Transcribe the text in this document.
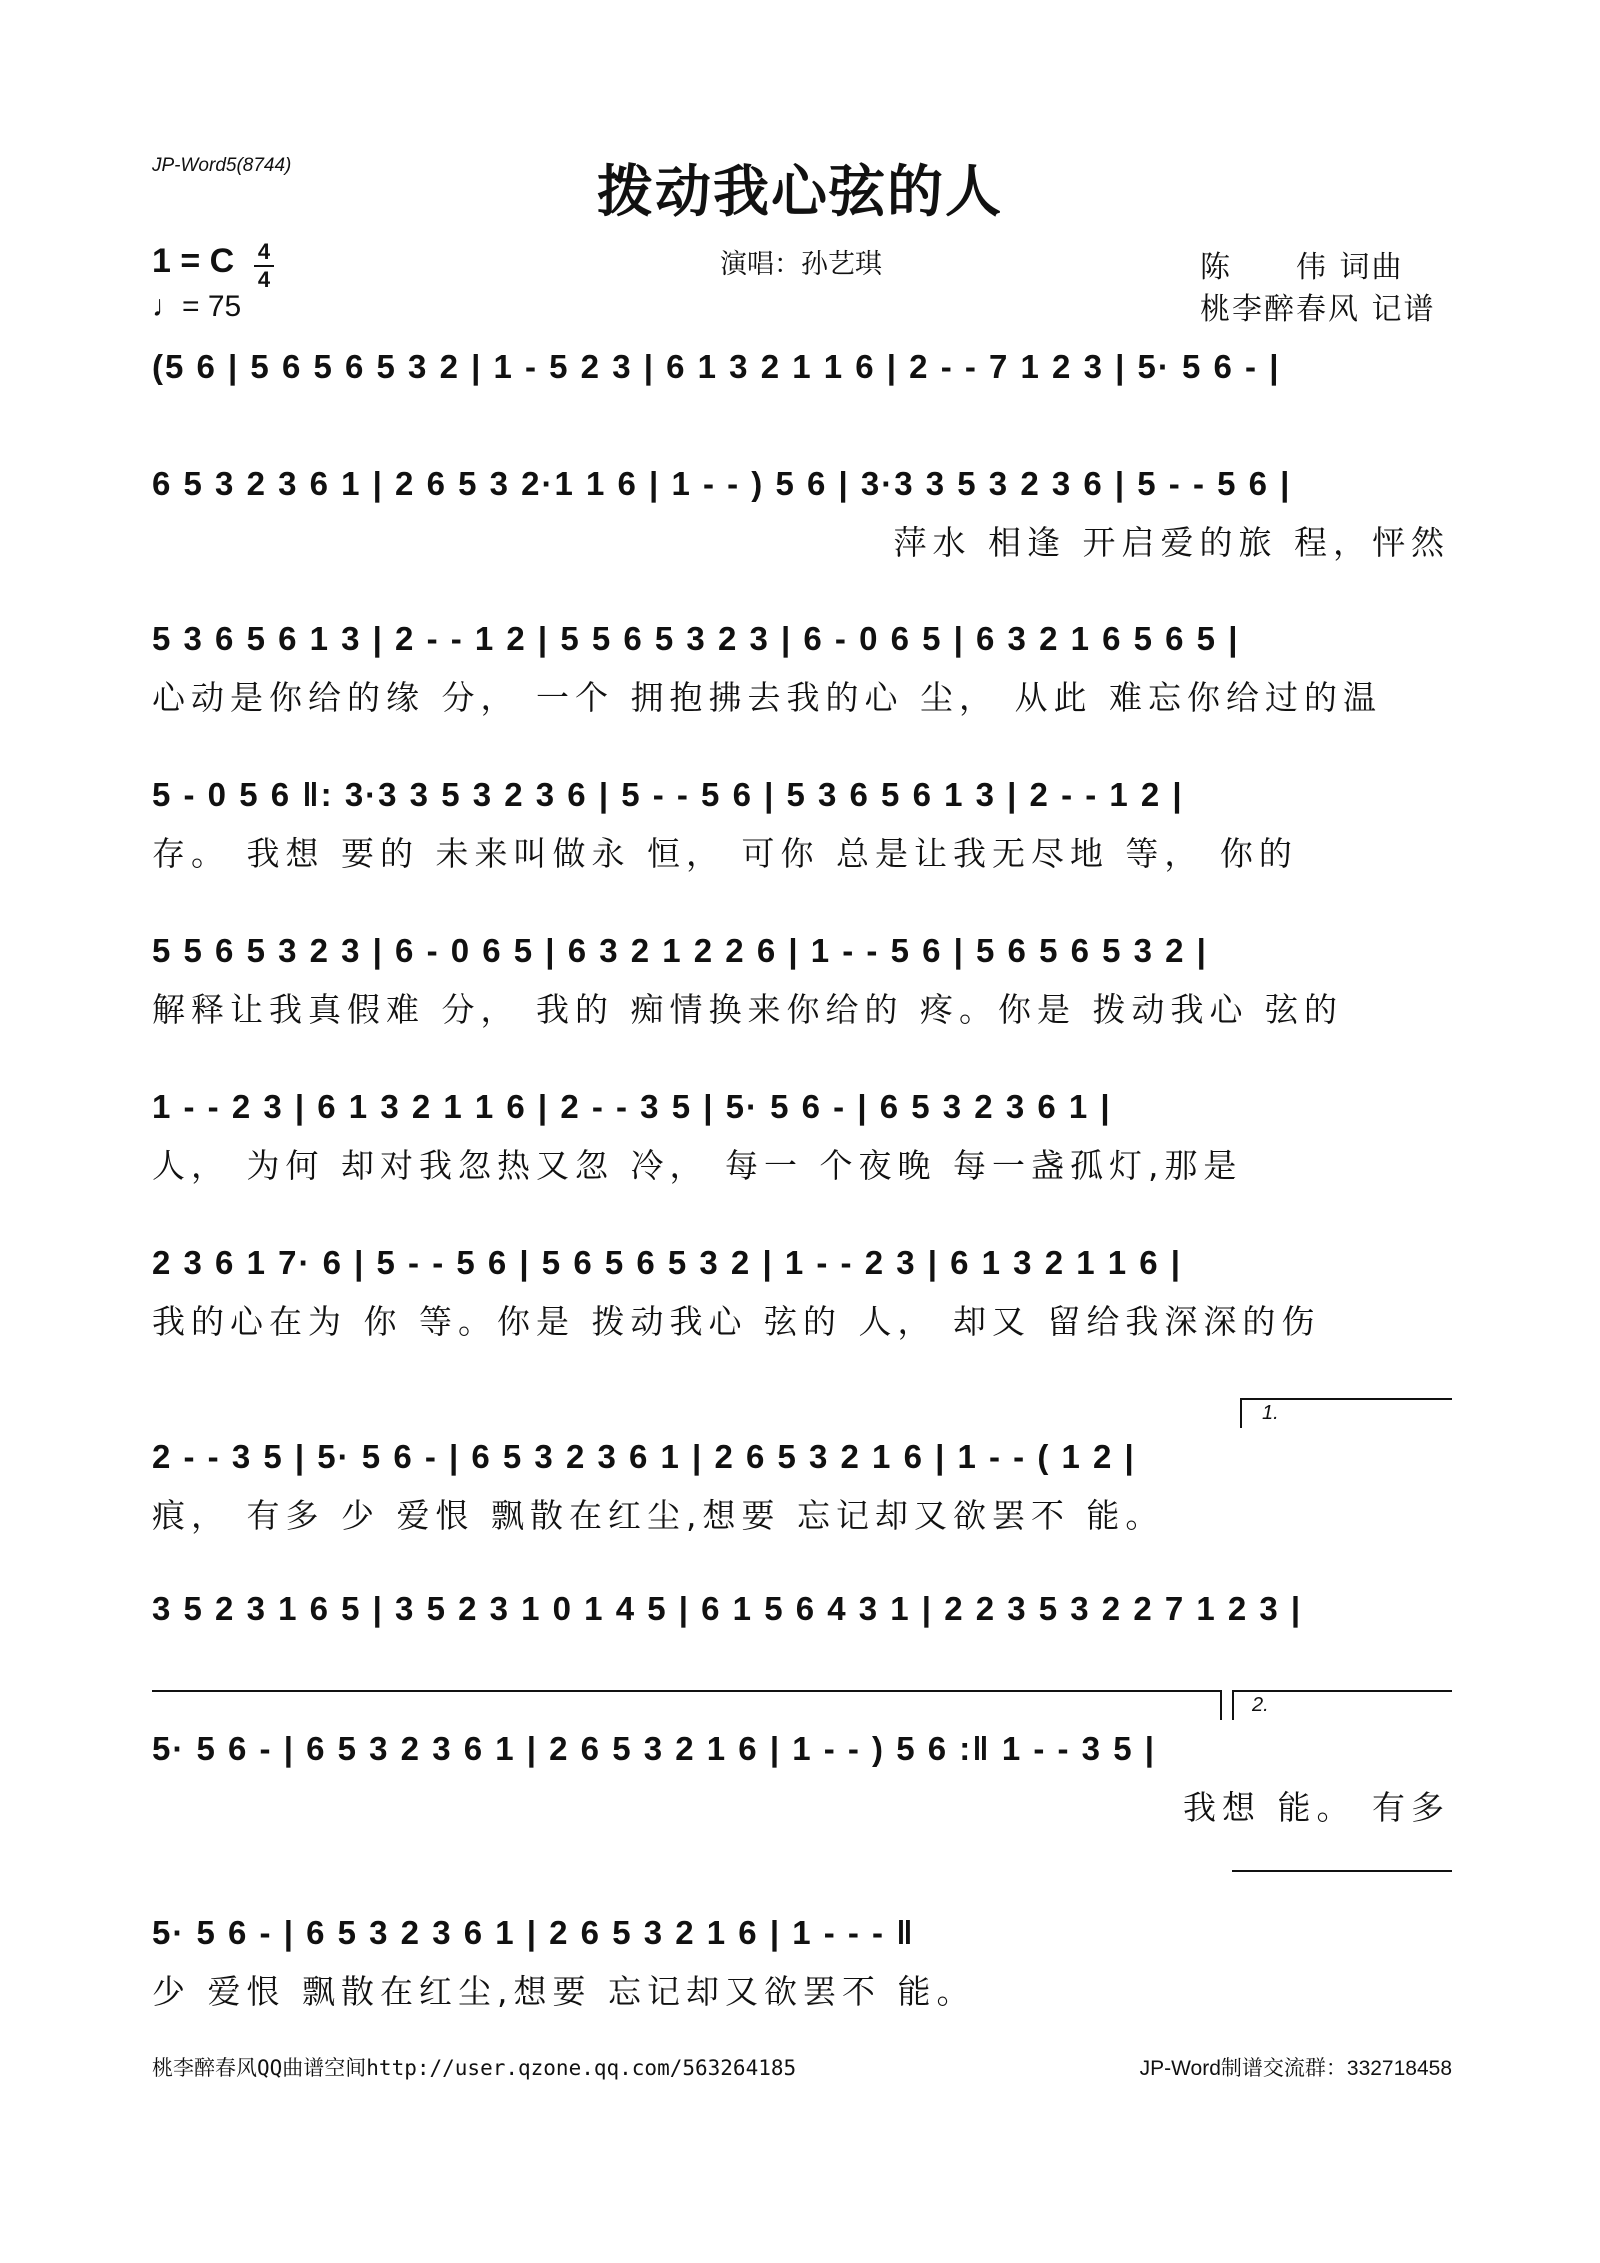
JP-Word5(8744)	拨动我心弦的人
1 = C 4
4
♩= 75
演唱：孙艺琪	陈　　伟 词曲
桃李醉春风 记谱
(5 6 | 5 6 5 6 5 3 2 | 1 - 5 2 3 | 6 1 3 2 1 1 6 | 2 - - 7 1 2 3 | 5· 5 6 - |
6 5 3 2 3 6 1 | 2 6 5 3 2·1 1 6 | 1 - - ) 5 6 | 3·3 3 5 3 2 3 6 | 5 - - 5 6 |
萍水 相逢 开启爱的旅 程，怦然
5 3 6 5 6 1 3 | 2 - - 1 2 | 5 5 6 5 3 2 3 | 6 - 0 6 5 | 6 3 2 1 6 5 6 5 |
心动是你给的缘 分， 一个 拥抱拂去我的心 尘， 从此 难忘你给过的温
5 - 0 5 6 ‖: 3·3 3 5 3 2 3 6 | 5 - - 5 6 | 5 3 6 5 6 1 3 | 2 - - 1 2 |
存。 我想 要的 未来叫做永 恒， 可你 总是让我无尽地 等， 你的
5 5 6 5 3 2 3 | 6 - 0 6 5 | 6 3 2 1 2 2 6 | 1 - - 5 6 | 5 6 5 6 5 3 2 |
解释让我真假难 分， 我的 痴情换来你给的 疼。你是 拨动我心 弦的
1 - - 2 3 | 6 1 3 2 1 1 6 | 2 - - 3 5 | 5· 5 6 - | 6 5 3 2 3 6 1 |
人， 为何 却对我忽热又忽 冷， 每一 个夜晚 每一盏孤灯,那是
2 3 6 1 7· 6 | 5 - - 5 6 | 5 6 5 6 5 3 2 | 1 - - 2 3 | 6 1 3 2 1 1 6 |
我的心在为 你 等。你是 拨动我心 弦的 人， 却又 留给我深深的伤
1.
2 - - 3 5 | 5· 5 6 - | 6 5 3 2 3 6 1 | 2 6 5 3 2 1 6 | 1 - - ( 1 2 |
痕， 有多 少 爱恨 飘散在红尘,想要 忘记却又欲罢不 能。
3 5 2 3 1 6 5 | 3 5 2 3 1 0 1 4 5 | 6 1 5 6 4 3 1 | 2 2 3 5 3 2 2 7 1 2 3 |
2.
5· 5 6 - | 6 5 3 2 3 6 1 | 2 6 5 3 2 1 6 | 1 - - ) 5 6 :‖ 1 - - 3 5 |
我想 能。 有多
5· 5 6 - | 6 5 3 2 3 6 1 | 2 6 5 3 2 1 6 | 1 - - - ‖
少 爱恨 飘散在红尘,想要 忘记却又欲罢不 能。
桃李醉春风QQ曲谱空间http://user.qzone.qq.com/563264185	JP-Word制谱交流群：332718458
